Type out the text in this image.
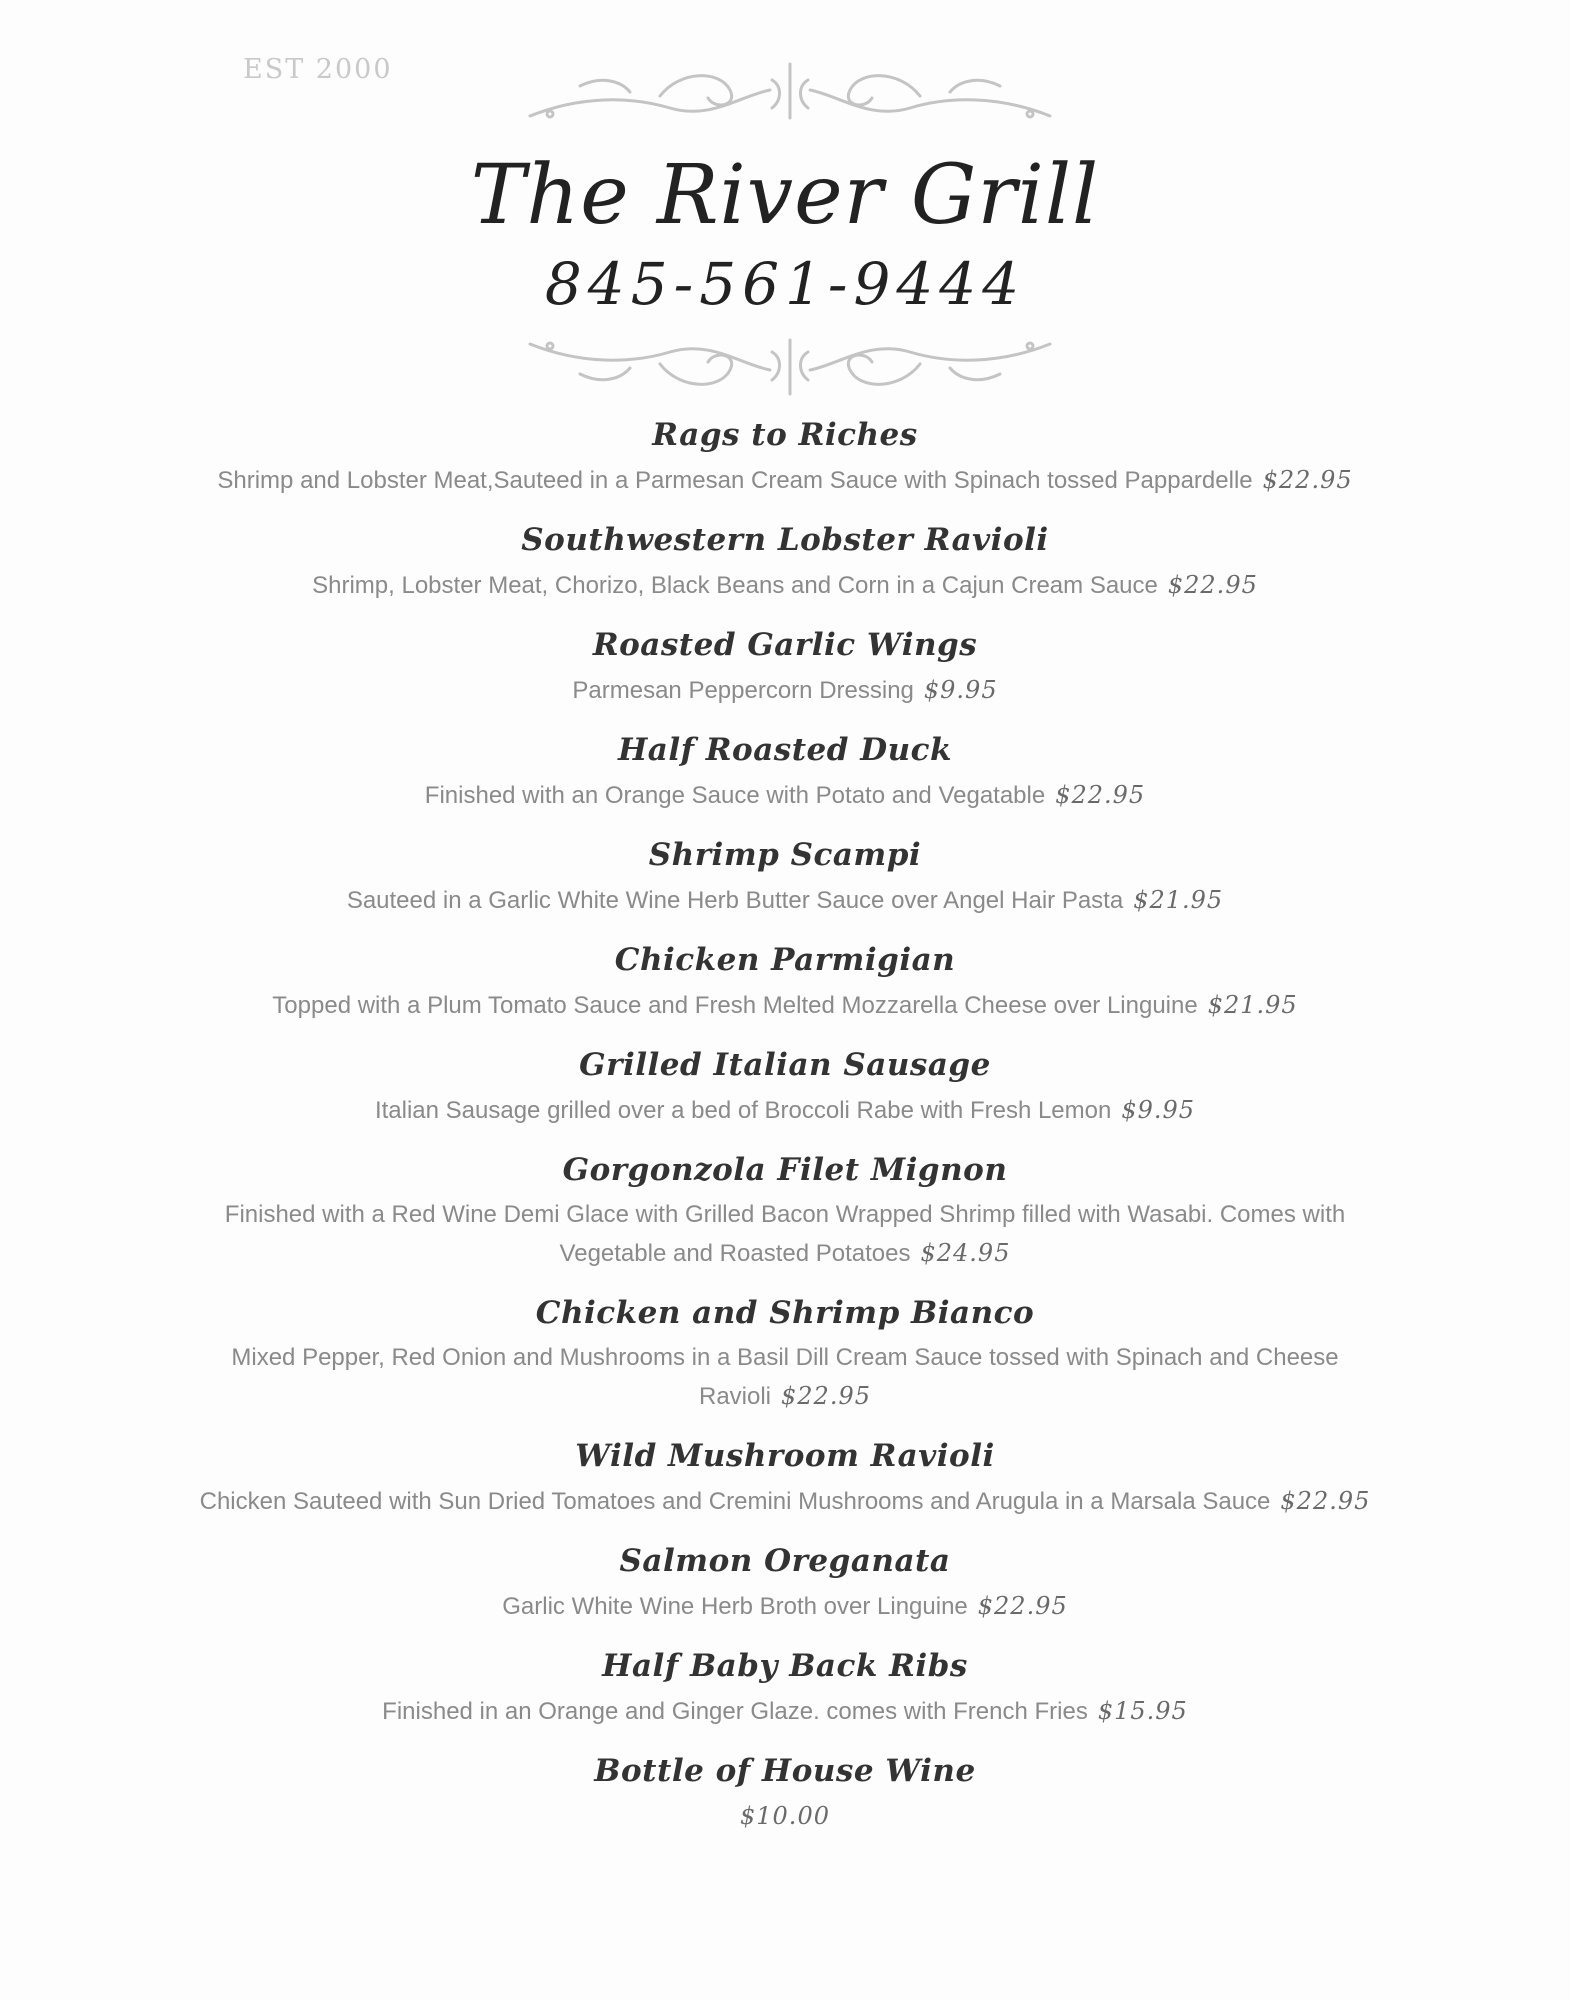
EST 2000
The River Grill
845-561-9444
Rags to Riches
Shrimp and Lobster Meat,Sauteed in a Parmesan Cream Sauce with Spinach tossed Pappardelle $22.95
Southwestern Lobster Ravioli
Shrimp, Lobster Meat, Chorizo, Black Beans and Corn in a Cajun Cream Sauce $22.95
Roasted Garlic Wings
Parmesan Peppercorn Dressing $9.95
Half Roasted Duck
Finished with an Orange Sauce with Potato and Vegatable $22.95
Shrimp Scampi
Sauteed in a Garlic White Wine Herb Butter Sauce over Angel Hair Pasta $21.95
Chicken Parmigian
Topped with a Plum Tomato Sauce and Fresh Melted Mozzarella Cheese over Linguine $21.95
Grilled Italian Sausage
Italian Sausage grilled over a bed of Broccoli Rabe with Fresh Lemon $9.95
Gorgonzola Filet Mignon
Finished with a Red Wine Demi Glace with Grilled Bacon Wrapped Shrimp filled with Wasabi. Comes with Vegetable and Roasted Potatoes $24.95
Chicken and Shrimp Bianco
Mixed Pepper, Red Onion and Mushrooms in a Basil Dill Cream Sauce tossed with Spinach and Cheese Ravioli $22.95
Wild Mushroom Ravioli
Chicken Sauteed with Sun Dried Tomatoes and Cremini Mushrooms and Arugula in a Marsala Sauce $22.95
Salmon Oreganata
Garlic White Wine Herb Broth over Linguine $22.95
Half Baby Back Ribs
Finished in an Orange and Ginger Glaze. comes with French Fries $15.95
Bottle of House Wine
$10.00
